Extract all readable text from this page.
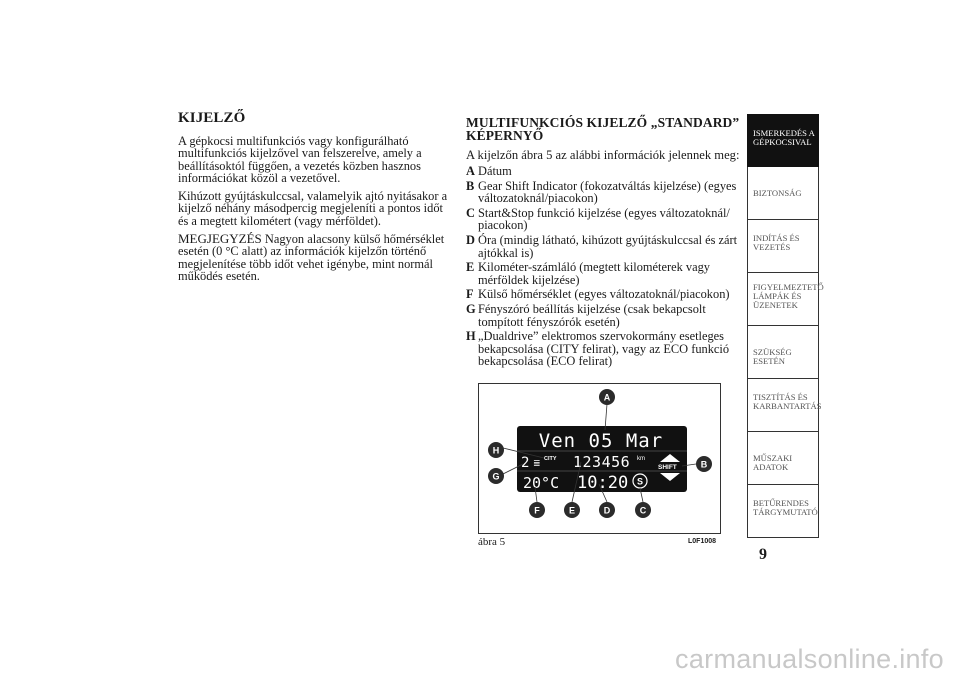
KIJELZŐ

A gépkocsi multifunkciós vagy konfigurálható multifunkciós kijelzővel van felszerelve, amely a beállításoktól függően, a vezetés közben hasznos információkat közöl a vezetővel.

Kihúzott gyújtáskulccsal, valamelyik ajtó nyitásakor a kijelző néhány másodpercig megjeleníti a pontos időt és a megtett kilométert (vagy mérföldet).

MEGJEGYZÉS Nagyon alacsony külső hőmérséklet esetén (0 °C alatt) az információk kijelzőn történő megjelenítése több időt vehet igénybe, mint normál működés esetén.

MULTIFUNKCIÓS KIJELZŐ „STANDARD” KÉPERNYŐ

A kijelzőn ábra 5 az alábbi információk jelennek meg:

A Dátum
B Gear Shift Indicator (fokozatváltás kijelzése) (egyes változatoknál/piacokon)
C Start&Stop funkció kijelzése (egyes változatoknál/ piacokon)
D Óra (mindig látható, kihúzott gyújtáskulccsal és zárt ajtókkal is)
E Kilométer-számláló (megtett kilométerek vagy mérföldek kijelzése)
F Külső hőmérséklet (egyes változatoknál/piacokon)
G Fényszóró beállítás kijelzése (csak bekapcsolt tompított fényszórók esetén)
H „Dualdrive” elektromos szervokormány esetleges bekapcsolása (CITY felirat), vagy az ECO funkció bekapcsolása (ECO felirat)
Ven 05 Mar
2 ≣ CITY 123456 km
20°C 10:20 S
SHIFT
A
B
C
D
E
F
G
H
ábra 5	L0F1008
ISMERKEDÉS A
GÉPKOCSIVAL
BIZTONSÁG
INDÍTÁS ÉS
VEZETÉS
FIGYELMEZTETŐ
LÁMPÁK ÉS
ÜZENETEK
SZÜKSÉG ESETÉN
TISZTÍTÁS ÉS
KARBANTARTÁS
MŰSZAKI ADATOK
BETŰRENDES
TÁRGYMUTATÓ
9
carmanualsonline.info
